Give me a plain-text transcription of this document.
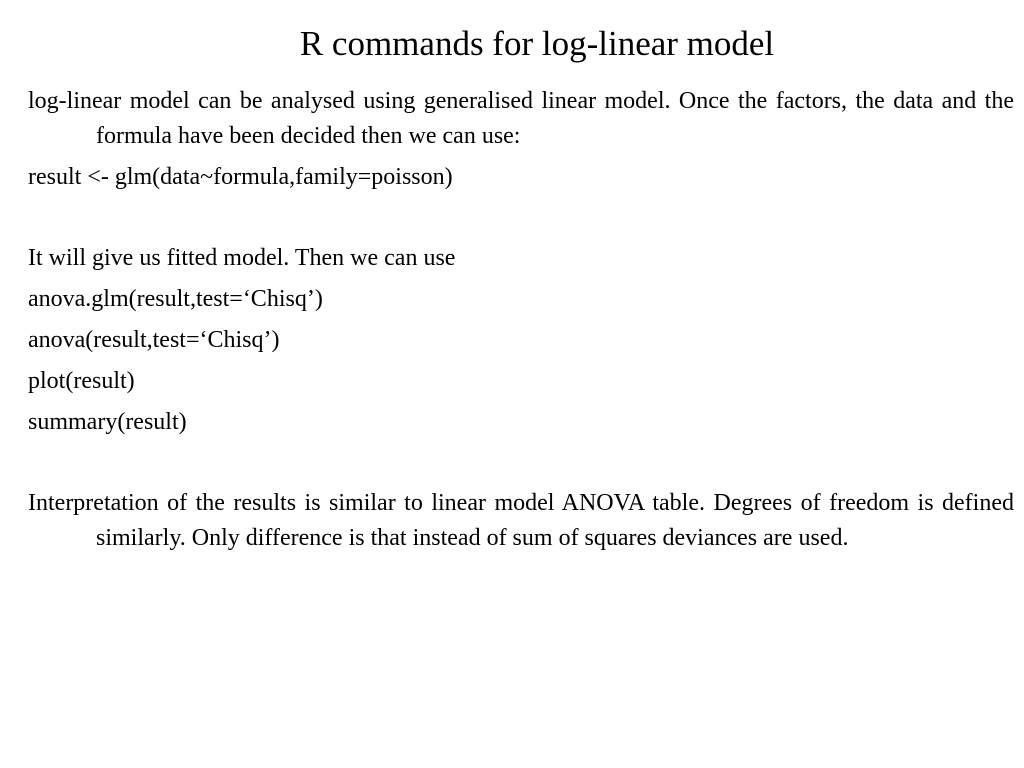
R commands for log-linear model

log-linear model can be analysed using generalised linear model. Once the factors, the data and the formula have been decided then we can use:

result <- glm(data~formula,family=poisson)

It will give us fitted model. Then we can use

anova.glm(result,test=‘Chisq’)

anova(result,test=‘Chisq’)

plot(result)

summary(result)

Interpretation of the results is similar to linear model ANOVA table. Degrees of freedom is defined similarly. Only difference is that instead of sum of squares deviances are used.
